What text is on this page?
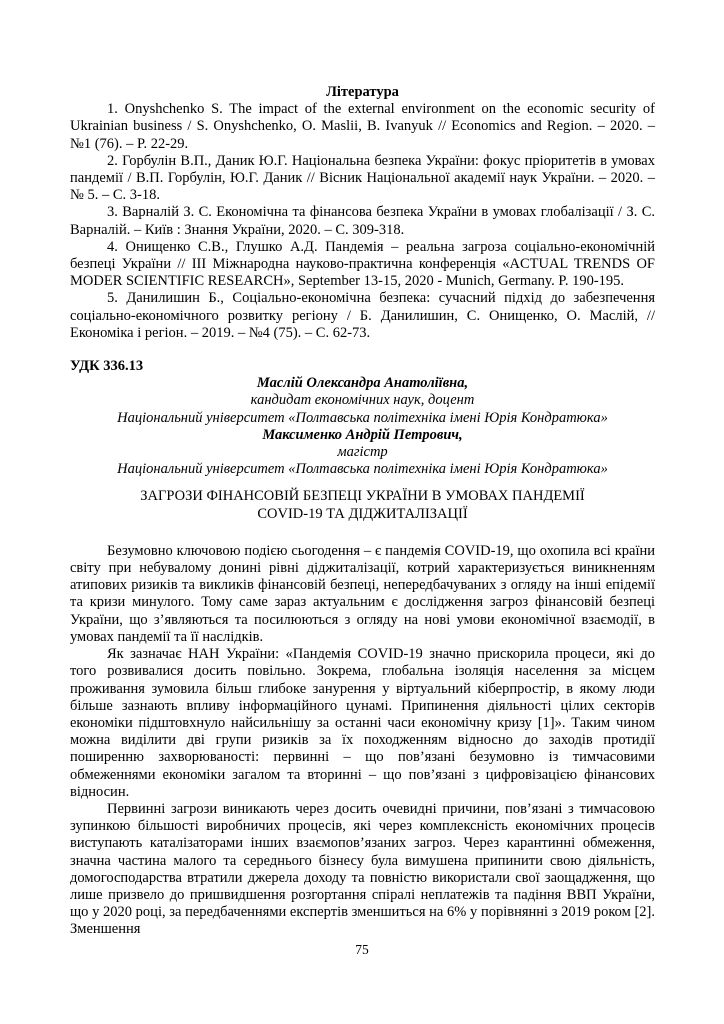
Література

1. Onyshchenko S. The impact of the external environment on the economic security of Ukrainian business / S. Onyshchenko, O. Maslii, B. Ivanyuk // Economics and Region. – 2020. – №1 (76). – P. 22-29.

2. Горбулін В.П., Даник Ю.Г. Національна безпека України: фокус пріоритетів в умовах пандемії / В.П. Горбулін, Ю.Г. Даник // Вісник Національної академії наук України. – 2020. – № 5. – С. 3-18.

3. Варналій З. С. Економічна та фінансова безпека України в умовах глобалізації / З. С. Варналій. – Київ : Знання України, 2020. – С. 309-318.

4. Онищенко С.В., Глушко А.Д. Пандемія – реальна загроза соціально-економічній безпеці України // ІІІ Міжнародна науково-практична конференція «ACTUAL TRENDS OF MODER SCIENTIFIC RESEARCH», September 13-15, 2020 - Munich, Germany. P. 190-195.

5. Данилишин Б., Соціально-економічна безпека: сучасний підхід до забезпечення соціально-економічного розвитку регіону / Б. Данилишин, С. Онищенко, О. Маслій, // Економіка і регіон. – 2019. – №4 (75). – С. 62-73.

УДК 336.13
Маслій Олександра Анатоліївна,
кандидат економічних наук, доцент
Національний університет «Полтавська політехніка імені Юрія Кондратюка»
Максименко Андрій Петрович,
магістр
Національний університет «Полтавська політехніка імені Юрія Кондратюка»
ЗАГРОЗИ ФІНАНСОВІЙ БЕЗПЕЦІ УКРАЇНИ В УМОВАХ ПАНДЕМІЇ
COVID-19 ТА ДІДЖИТАЛІЗАЦІЇ

Безумовно ключовою подією сьогодення – є пандемія COVID-19, що охопила всі країни світу при небувалому донині рівні діджиталізації, котрий характеризується виникненням атипових ризиків та викликів фінансовій безпеці, непередбачуваних з огляду на інші епідемії та кризи минулого. Тому саме зараз актуальним є дослідження загроз фінансовій безпеці України, що з’являються та посилюються з огляду на нові умови економічної взаємодії, в умовах пандемії та її наслідків.

Як зазначає НАН України: «Пандемія COVID-19 значно прискорила процеси, які до того розвивалися досить повільно. Зокрема, глобальна ізоляція населення за місцем проживання зумовила більш глибоке занурення у віртуальний кіберпростір, в якому люди більше зазнають впливу інформаційного цунамі. Припинення діяльності цілих секторів економіки підштовхнуло найсильнішу за останні часи економічну кризу [1]». Таким чином можна виділити дві групи ризиків за їх походженням відносно до заходів протидії поширенню захворюваності: первинні – що пов’язані безумовно із тимчасовими обмеженнями економіки загалом та вторинні – що пов’язані з цифровізацією фінансових відносин.

Первинні загрози виникають через досить очевидні причини, пов’язані з тимчасовою зупинкою більшості виробничих процесів, які через комплексність економічних процесів виступають каталізаторами інших взаємопов’язаних загроз. Через карантинні обмеження, значна частина малого та середнього бізнесу була вимушена припинити свою діяльність, домогосподарства втратили джерела доходу та повністю використали свої заощадження, що лише призвело до пришвидшення розгортання спіралі неплатежів та падіння ВВП України, що у 2020 році, за передбаченнями експертів зменшиться на 6% у порівнянні з 2019 роком [2]. Зменшення

75
